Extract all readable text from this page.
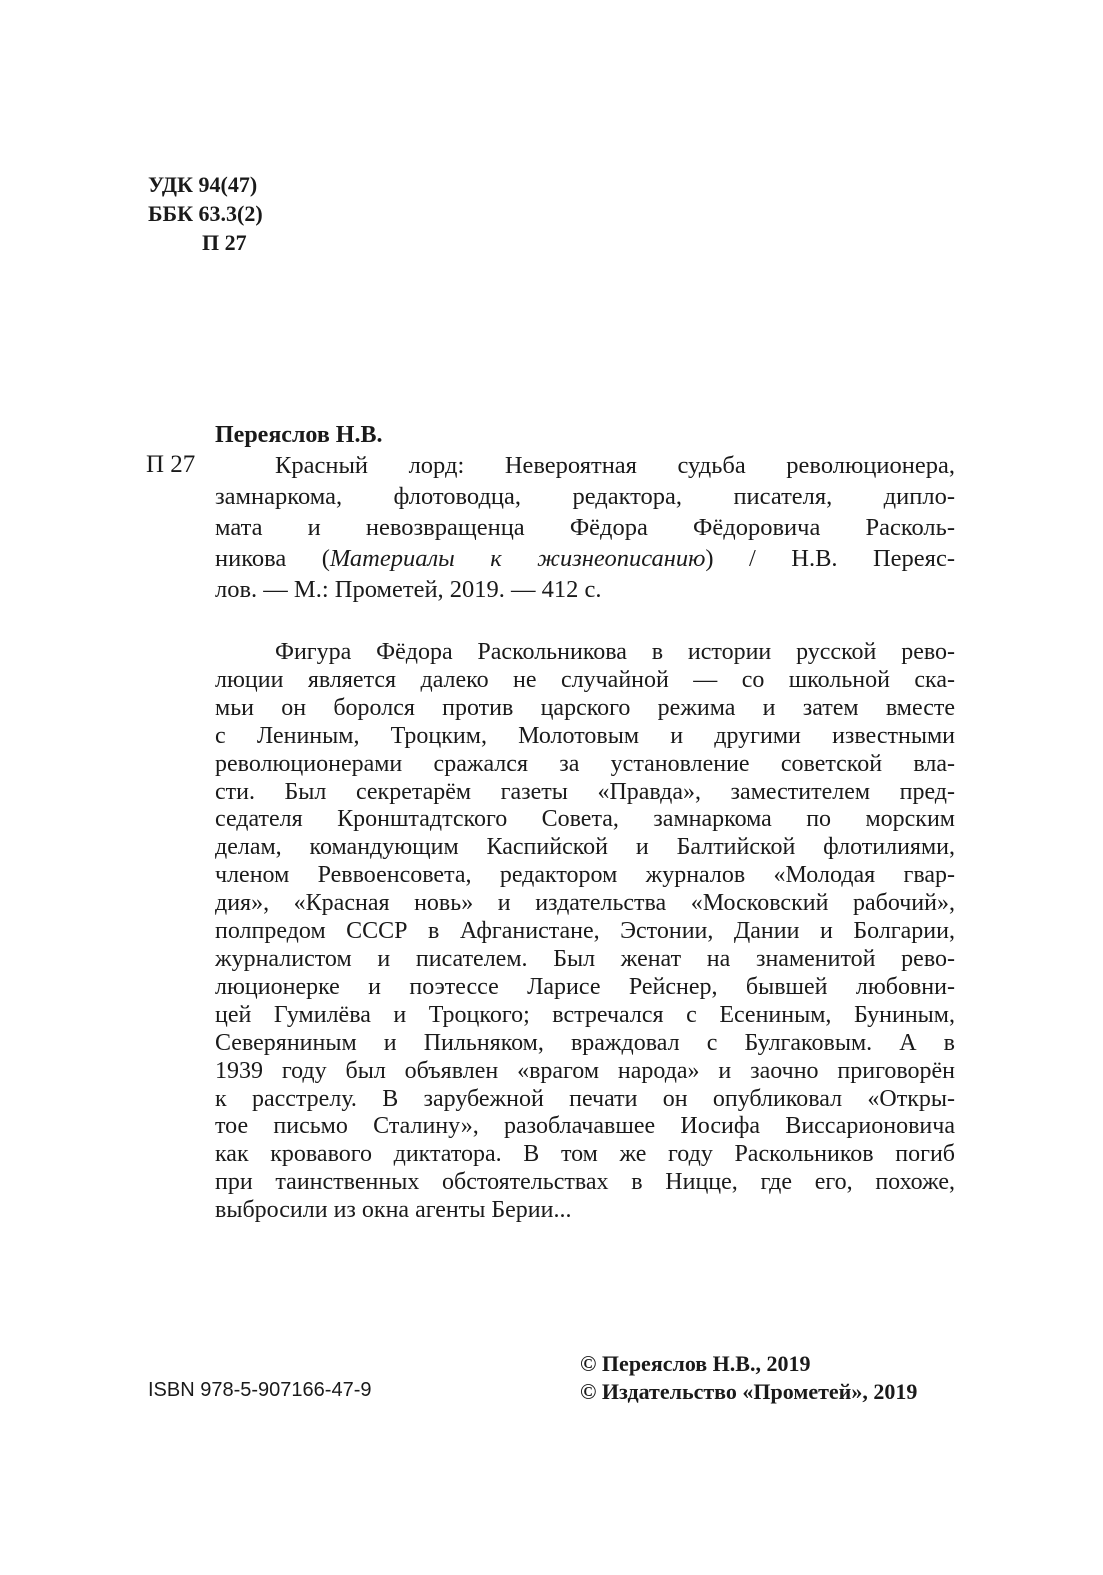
УДК 94(47)
ББК 63.3(2)
П 27
Переяслов Н.В.
П 27	Красный лорд: Невероятная судьба революционера,
замнаркома, флотоводца, редактора, писателя, дипло-
мата и невозвращенца Фёдора Фёдоровича Расколь-
никова (Материалы к жизнеописанию) / Н.В. Переяс-
лов. — М.: Прометей, 2019. — 412 с.
Фигура Фёдора Раскольникова в истории русской рево-
люции является далеко не случайной — со школьной ска-
мьи он боролся против царского режима и затем вместе
с Лениным, Троцким, Молотовым и другими известными
революционерами сражался за установление советской вла-
сти. Был секретарём газеты «Правда», заместителем пред-
седателя Кронштадтского Совета, замнаркома по морским
делам, командующим Каспийской и Балтийской флотилиями,
членом Реввоенсовета, редактором журналов «Молодая гвар-
дия», «Красная новь» и издательства «Московский рабочий»,
полпредом СССР в Афганистане, Эстонии, Дании и Болгарии,
журналистом и писателем. Был женат на знаменитой рево-
люционерке и поэтессе Ларисе Рейснер, бывшей любовни-
цей Гумилёва и Троцкого; встречался с Есениным, Буниным,
Северяниным и Пильняком, враждовал с Булгаковым. А в
1939 году был объявлен «врагом народа» и заочно приговорён
к расстрелу. В зарубежной печати он опубликовал «Откры-
тое письмо Сталину», разоблачавшее Иосифа Виссарионовича
как кровавого диктатора. В том же году Раскольников погиб
при таинственных обстоятельствах в Ницце, где его, похоже,
выбросили из окна агенты Берии...
© Переяслов Н.В., 2019
© Издательство «Прометей», 2019
ISBN 978-5-907166-47-9
